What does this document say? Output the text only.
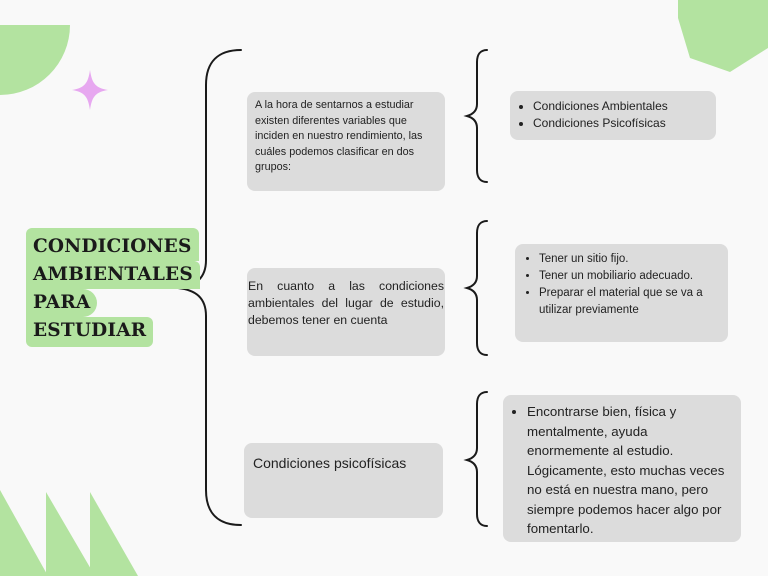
CONDICIONES
AMBIENTALES
PARA
ESTUDIAR

A la hora de sentarnos a estudiar existen diferentes variables que inciden en nuestro rendimiento, las cuáles podemos clasificar en dos grupos:

• Condiciones Ambientales
• Condiciones Psicofísicas

En cuanto a las condiciones ambientales del lugar de estudio, debemos tener en cuenta

• Tener un sitio fijo.
• Tener un mobiliario adecuado.
• Preparar el material que se va a utilizar previamente

Condiciones psicofísicas

• Encontrarse bien, física y mentalmente, ayuda enormemente al estudio. Lógicamente, esto muchas veces no está en nuestra mano, pero siempre podemos hacer algo por fomentarlo.
